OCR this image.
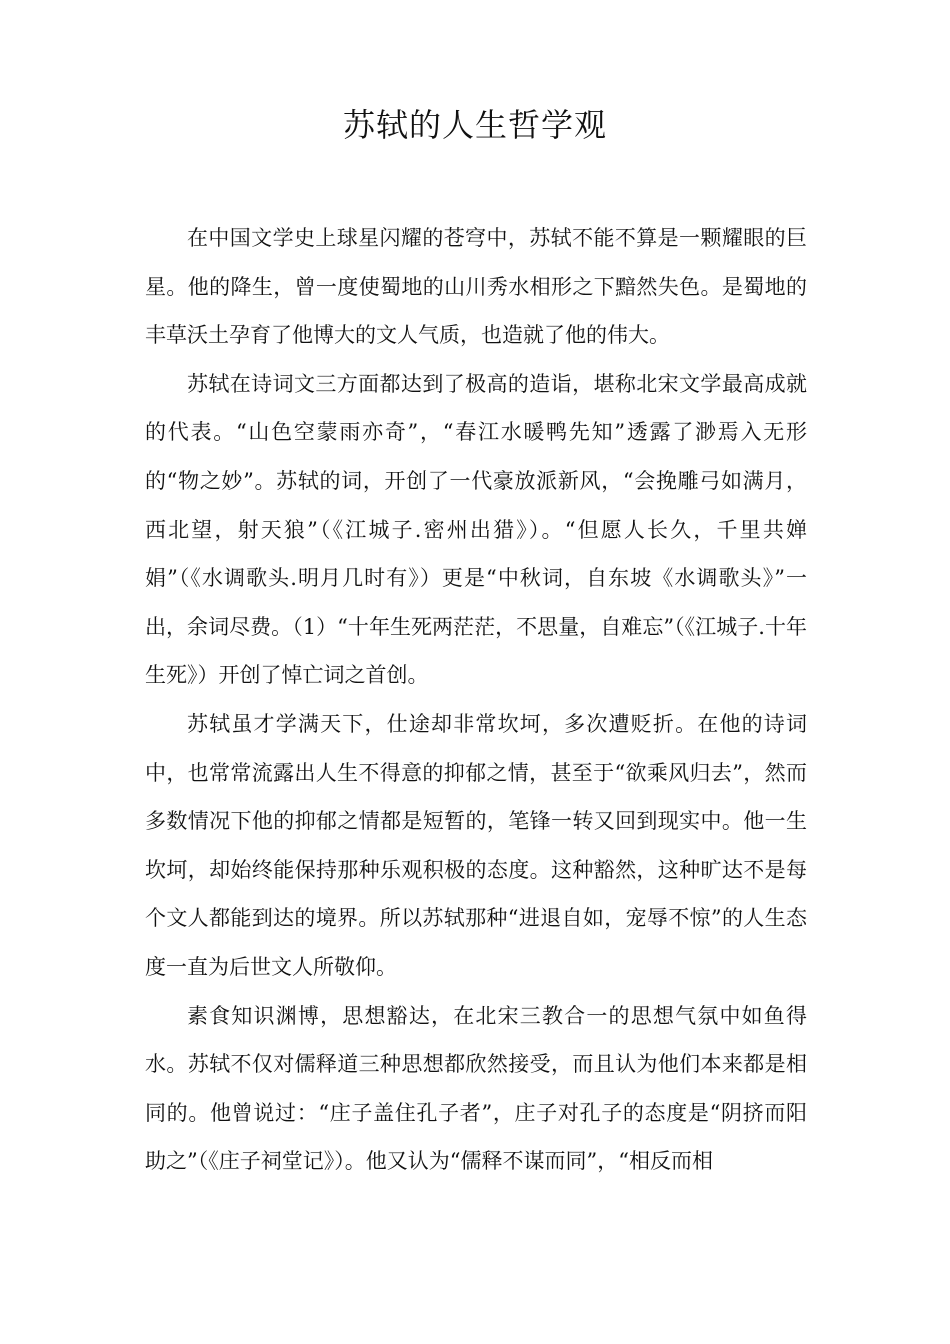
苏轼的人生哲学观

在中国文学史上球星闪耀的苍穹中，苏轼不能不算是一颗耀眼的巨星。他的降生，曾一度使蜀地的山川秀水相形之下黯然失色。是蜀地的丰草沃土孕育了他博大的文人气质，也造就了他的伟大。

苏轼在诗词文三方面都达到了极高的造诣，堪称北宋文学最高成就的代表。“山色空蒙雨亦奇”，“春江水暖鸭先知”透露了渺焉入无形的“物之妙”。苏轼的词，开创了一代豪放派新风，“会挽雕弓如满月，西北望，射天狼”（《江城子.密州出猎》）。“但愿人长久，千里共婵娟”（《水调歌头.明月几时有》）更是“中秋词，自东坡《水调歌头》”一出，余词尽费。（1）“十年生死两茫茫，不思量，自难忘”（《江城子.十年生死》）开创了悼亡词之首创。

苏轼虽才学满天下，仕途却非常坎坷，多次遭贬折。在他的诗词中，也常常流露出人生不得意的抑郁之情，甚至于“欲乘风归去”，然而多数情况下他的抑郁之情都是短暂的，笔锋一转又回到现实中。他一生坎坷，却始终能保持那种乐观积极的态度。这种豁然，这种旷达不是每个文人都能到达的境界。所以苏轼那种“进退自如，宠辱不惊”的人生态度一直为后世文人所敬仰。

素食知识渊博，思想豁达，在北宋三教合一的思想气氛中如鱼得水。苏轼不仅对儒释道三种思想都欣然接受，而且认为他们本来都是相同的。他曾说过：“庄子盖住孔子者”，庄子对孔子的态度是“阴挤而阳助之”（《庄子祠堂记》）。他又认为“儒释不谋而同”，“相反而相
